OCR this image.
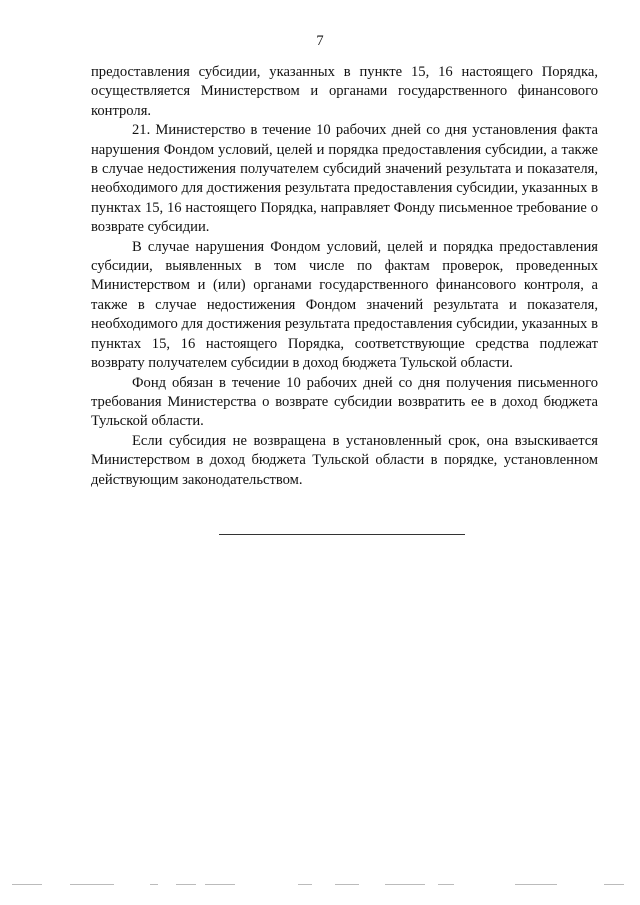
7

предоставления субсидии, указанных в пункте 15, 16 настоящего Порядка, осуществляется Министерством и органами государственного финансового контроля.

21. Министерство в течение 10 рабочих дней со дня установления факта нарушения Фондом условий, целей и порядка предоставления субсидии, а также в случае недостижения получателем субсидий значений результата и показателя, необходимого для достижения результата предоставления субсидии, указанных в пунктах 15, 16 настоящего Порядка, направляет Фонду письменное требование о возврате субсидии.

В случае нарушения Фондом условий, целей и порядка предоставления субсидии, выявленных в том числе по фактам проверок, проведенных Министерством и (или) органами государственного финансового контроля, а также в случае недостижения Фондом значений результата и показателя, необходимого для достижения результата предоставления субсидии, указанных в пунктах 15, 16 настоящего Порядка, соответствующие средства подлежат возврату получателем субсидии в доход бюджета Тульской области.

Фонд обязан в течение 10 рабочих дней со дня получения письменного требования Министерства о возврате субсидии возвратить ее в доход бюджета Тульской области.

Если субсидия не возвращена в установленный срок, она взыскивается Министерством в доход бюджета Тульской области в порядке, установленном действующим законодательством.
